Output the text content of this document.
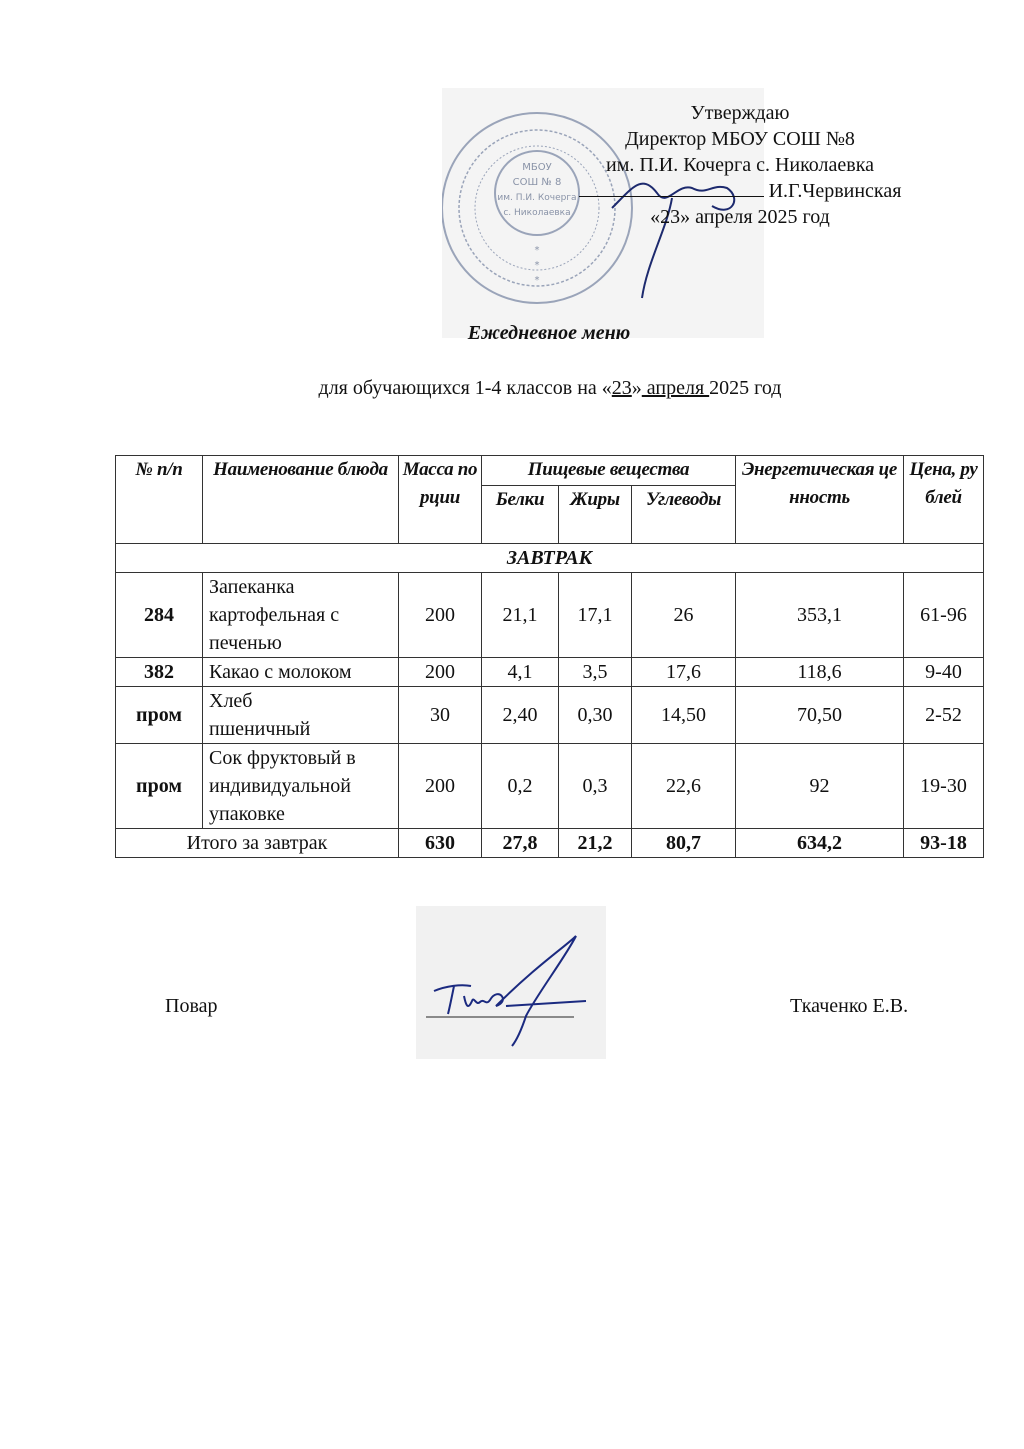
МБОУ
СОШ № 8
им. П.И. Кочерга
с. Николаевка
*
*
*
Утверждаю
Директор МБОУ СОШ №8
им. П.И. Кочерга с. Николаевка
И.Г.Червинская
«23» апреля 2025 год
Ежедневное меню
для обучающихся 1-4 классов на «23» апреля 2025 год
№ п/п	Наименование блюда	Масса порции	Пищевые вещества			Энергетическая ценность	Цена, рублей
			Белки	Жиры	Углеводы		
ЗАВТРАК							
284	Запеканка картофельная с печенью	200	21,1	17,1	26	353,1	61-96
382	Какао с молоком	200	4,1	3,5	17,6	118,6	9-40
пром	Хлеб пшеничный	30	2,40	0,30	14,50	70,50	2-52
пром	Сок фруктовый в индивидуальной упаковке	200	0,2	0,3	22,6	92	19-30
Итого за завтрак		630	27,8	21,2	80,7	634,2	93-18
Повар	Ткаченко Е.В.
